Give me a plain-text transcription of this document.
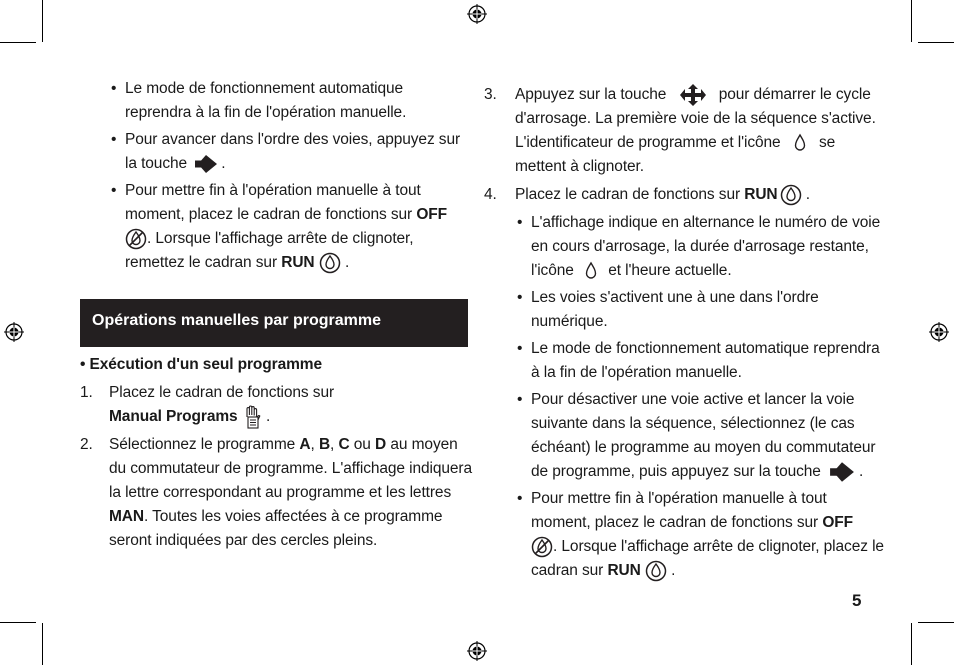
• Le mode de fonctionnement automatique reprendra à la fin de l'opération manuelle.
• Pour avancer dans l'ordre des voies, appuyez sur la touche .
• Pour mettre fin à l'opération manuelle à tout moment, placez le cadran de fonctions sur OFF
. Lorsque l'affichage arrête de clignoter, remettez le cadran sur RUN .
Opérations manuelles par programme
• Exécution d'un seul programme
1. Placez le cadran de fonctions sur
Manual Programs .
2. Sélectionnez le programme A, B, C ou D au moyen du commutateur de programme. L'affichage indiquera la lettre correspondant au programme et les lettres
MAN. Toutes les voies affectées à ce programme seront indiquées par des cercles pleins.
3. Appuyez sur la touche	pour démarrer le cycle d'arrosage. La première voie de la séquence s'active. L'identificateur de programme et l'icône se mettent à clignoter.
4. Placez le cadran de fonctions sur RUN .
• L'affichage indique en alternance le numéro de voie en cours d'arrosage, la durée d'arrosage restante, l'icône et l'heure actuelle.
• Les voies s'activent une à une dans l'ordre numérique.
• Le mode de fonctionnement automatique reprendra à la fin de l'opération manuelle.
• Pour désactiver une voie active et lancer la voie suivante dans la séquence, sélectionnez (le cas échéant) le programme au moyen du commutateur de programme, puis appuyez sur la touche .
• Pour mettre fin à l'opération manuelle à tout moment, placez le cadran de fonctions sur OFF
. Lorsque l'affichage arrête de clignoter, placez le cadran sur RUN .
5
